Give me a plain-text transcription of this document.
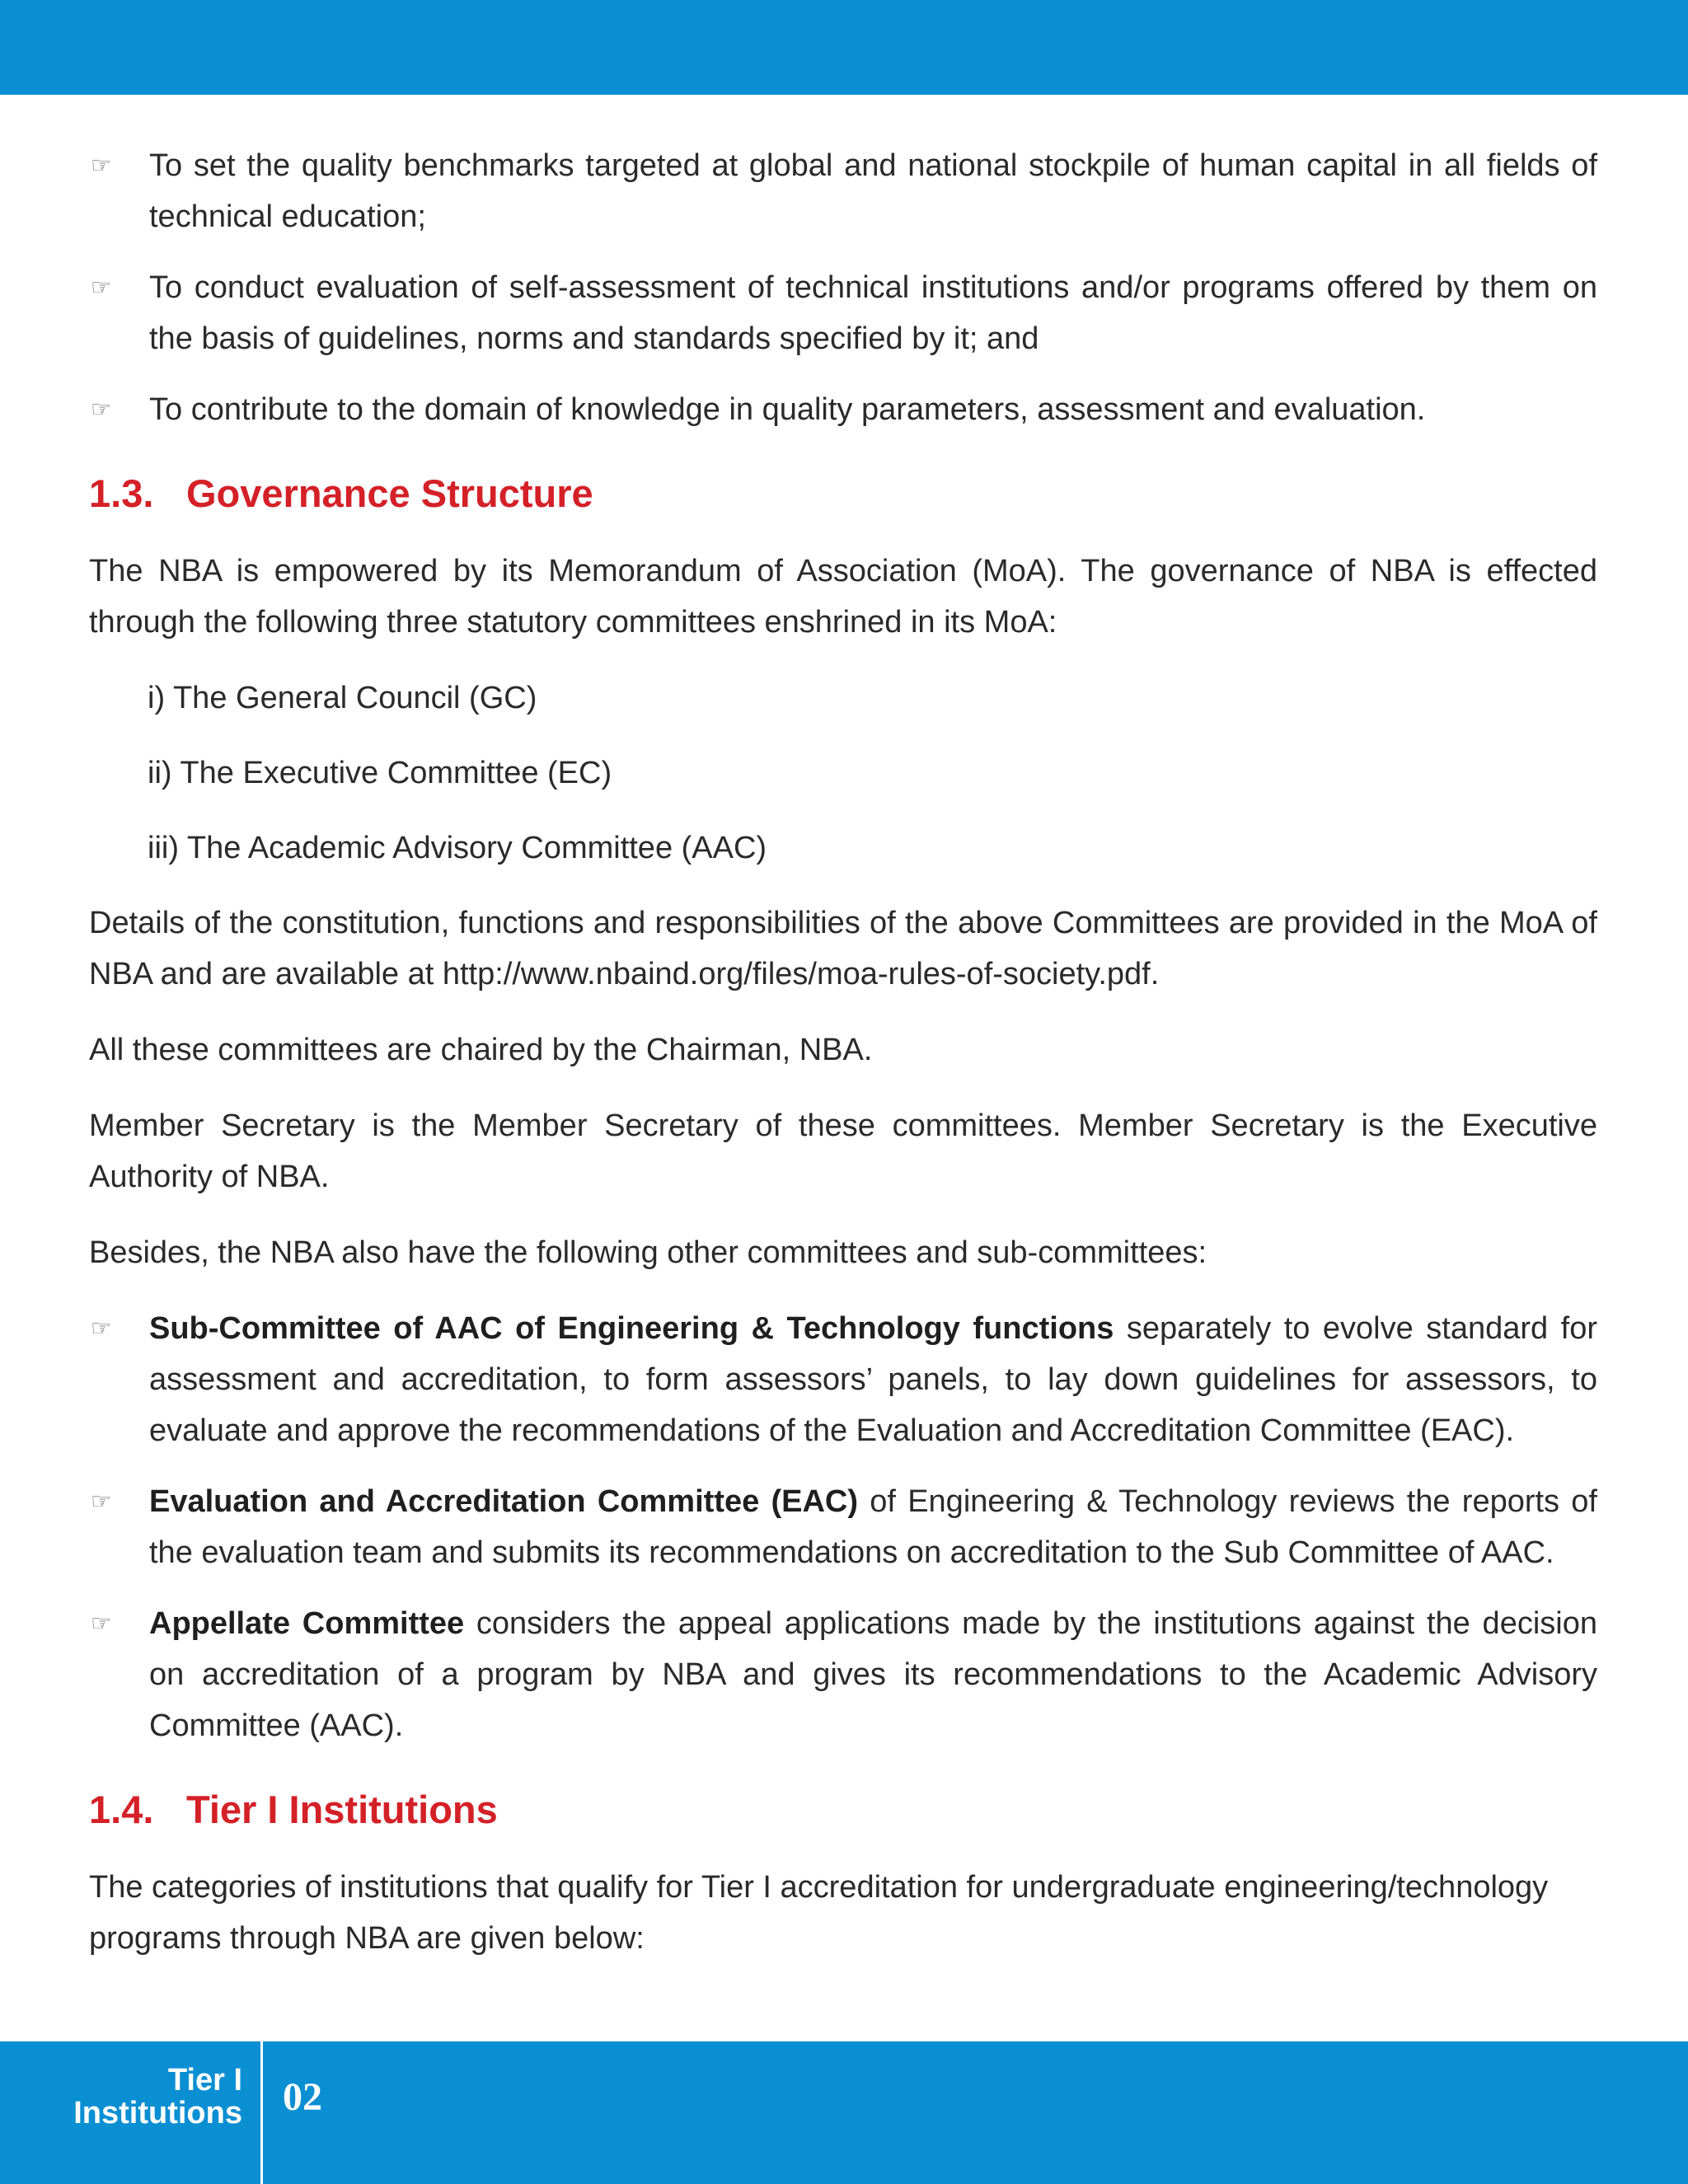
☞ To set the quality benchmarks targeted at global and national stockpile of human capital in all fields of technical education;
☞ To conduct evaluation of self-assessment of technical institutions and/or programs offered by them on the basis of guidelines, norms and standards specified by it; and
☞ To contribute to the domain of knowledge in quality parameters, assessment and evaluation.
1.3. Governance Structure
The NBA is empowered by its Memorandum of Association (MoA). The governance of NBA is effected through the following three statutory committees enshrined in its MoA:
i) The General Council (GC)
ii) The Executive Committee (EC)
iii) The Academic Advisory Committee (AAC)
Details of the constitution, functions and responsibilities of the above Committees are provided in the MoA of NBA and are available at http://www.nbaind.org/files/moa-rules-of-society.pdf.
All these committees are chaired by the Chairman, NBA.
Member Secretary is the Member Secretary of these committees. Member Secretary is the Executive Authority of NBA.
Besides, the NBA also have the following other committees and sub-committees:
☞ Sub-Committee of AAC of Engineering & Technology functions separately to evolve standard for assessment and accreditation, to form assessors’ panels, to lay down guidelines for assessors, to evaluate and approve the recommendations of the Evaluation and Accreditation Committee (EAC).
☞ Evaluation and Accreditation Committee (EAC) of Engineering & Technology reviews the reports of the evaluation team and submits its recommendations on accreditation to the Sub Committee of AAC.
☞ Appellate Committee considers the appeal applications made by the institutions against the decision on accreditation of a program by NBA and gives its recommendations to the Academic Advisory Committee (AAC).
1.4. Tier I Institutions
The categories of institutions that qualify for Tier I accreditation for undergraduate engineering/technology programs through NBA are given below:
Tier I
Institutions 02
